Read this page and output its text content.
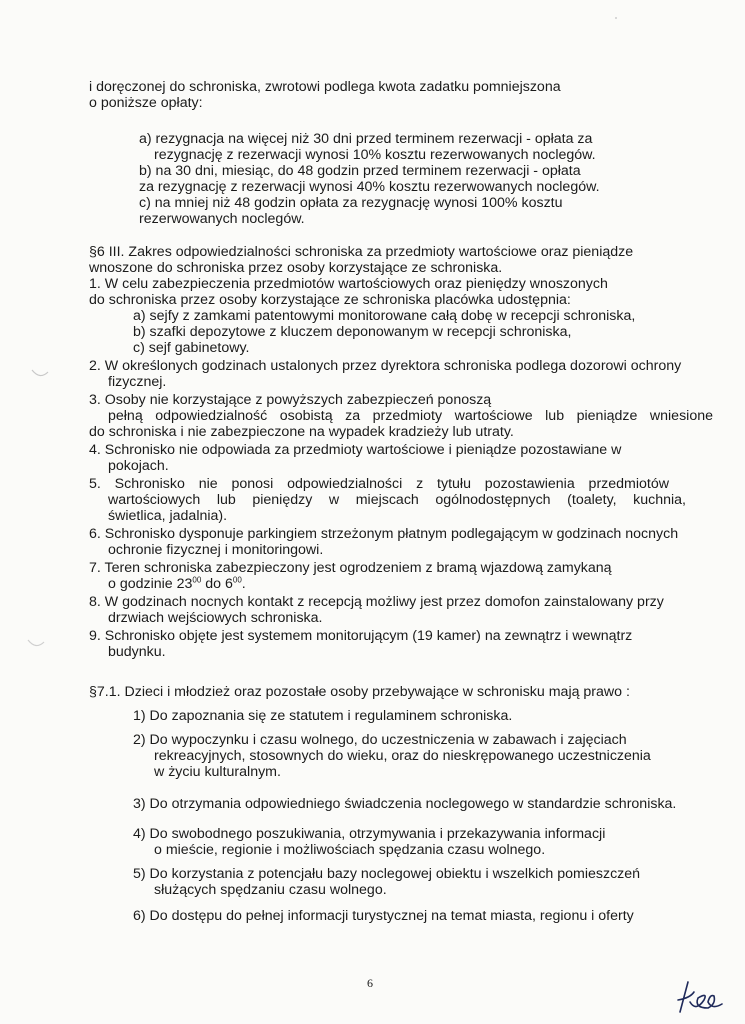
i doręczonej do schroniska, zwrotowi podlega kwota zadatku pomniejszona
o poniższe opłaty:
a) rezygnacja na więcej niż 30 dni przed terminem rezerwacji - opłata za
rezygnację z rezerwacji wynosi 10% kosztu rezerwowanych noclegów.
b) na 30 dni, miesiąc, do 48 godzin przed terminem rezerwacji - opłata
za rezygnację z rezerwacji wynosi 40% kosztu rezerwowanych noclegów.
c) na mniej niż 48 godzin opłata za rezygnację wynosi 100% kosztu
rezerwowanych noclegów.
§6 III. Zakres odpowiedzialności schroniska za przedmioty wartościowe oraz pieniądze
wnoszone do schroniska przez osoby korzystające ze schroniska.
1. W celu zabezpieczenia przedmiotów wartościowych oraz pieniędzy wnoszonych
do schroniska przez osoby korzystające ze schroniska placówka udostępnia:
a) sejfy z zamkami patentowymi monitorowane całą dobę w recepcji schroniska,
b) szafki depozytowe z kluczem deponowanym w recepcji schroniska,
c) sejf gabinetowy.
2. W określonych godzinach ustalonych przez dyrektora schroniska podlega dozorowi ochrony
fizycznej.
3. Osoby nie korzystające z powyższych zabezpieczeń ponoszą
pełną odpowiedzialność osobistą za przedmioty wartościowe lub pieniądze wniesione
do schroniska i nie zabezpieczone na wypadek kradzieży lub utraty.
4. Schronisko nie odpowiada za przedmioty wartościowe i pieniądze pozostawiane w
pokojach.
5. Schronisko nie ponosi odpowiedzialności z tytułu pozostawienia przedmiotów
wartościowych lub pieniędzy w miejscach ogólnodostępnych (toalety, kuchnia,
świetlica, jadalnia).
6. Schronisko dysponuje parkingiem strzeżonym płatnym podlegającym w godzinach nocnych
ochronie fizycznej i monitoringowi.
7. Teren schroniska zabezpieczony jest ogrodzeniem z bramą wjazdową zamykaną
o godzinie $23^{00}$ do $6^{00}$.
8. W godzinach nocnych kontakt z recepcją możliwy jest przez domofon zainstalowany przy
drzwiach wejściowych schroniska.
9. Schronisko objęte jest systemem monitorującym (19 kamer) na zewnątrz i wewnątrz
budynku.
§7.1. Dzieci i młodzież oraz pozostałe osoby przebywające w schronisku mają prawo :
1) Do zapoznania się ze statutem i regulaminem schroniska.
2) Do wypoczynku i czasu wolnego, do uczestniczenia w zabawach i zajęciach
rekreacyjnych, stosownych do wieku, oraz do nieskrępowanego uczestniczenia
w życiu kulturalnym.
3) Do otrzymania odpowiedniego świadczenia noclegowego w standardzie schroniska.
4) Do swobodnego poszukiwania, otrzymywania i przekazywania informacji
o mieście, regionie i możliwościach spędzania czasu wolnego.
5) Do korzystania z potencjału bazy noclegowej obiektu i wszelkich pomieszczeń
służących spędzaniu czasu wolnego.
6) Do dostępu do pełnej informacji turystycznej na temat miasta, regionu i oferty
6
